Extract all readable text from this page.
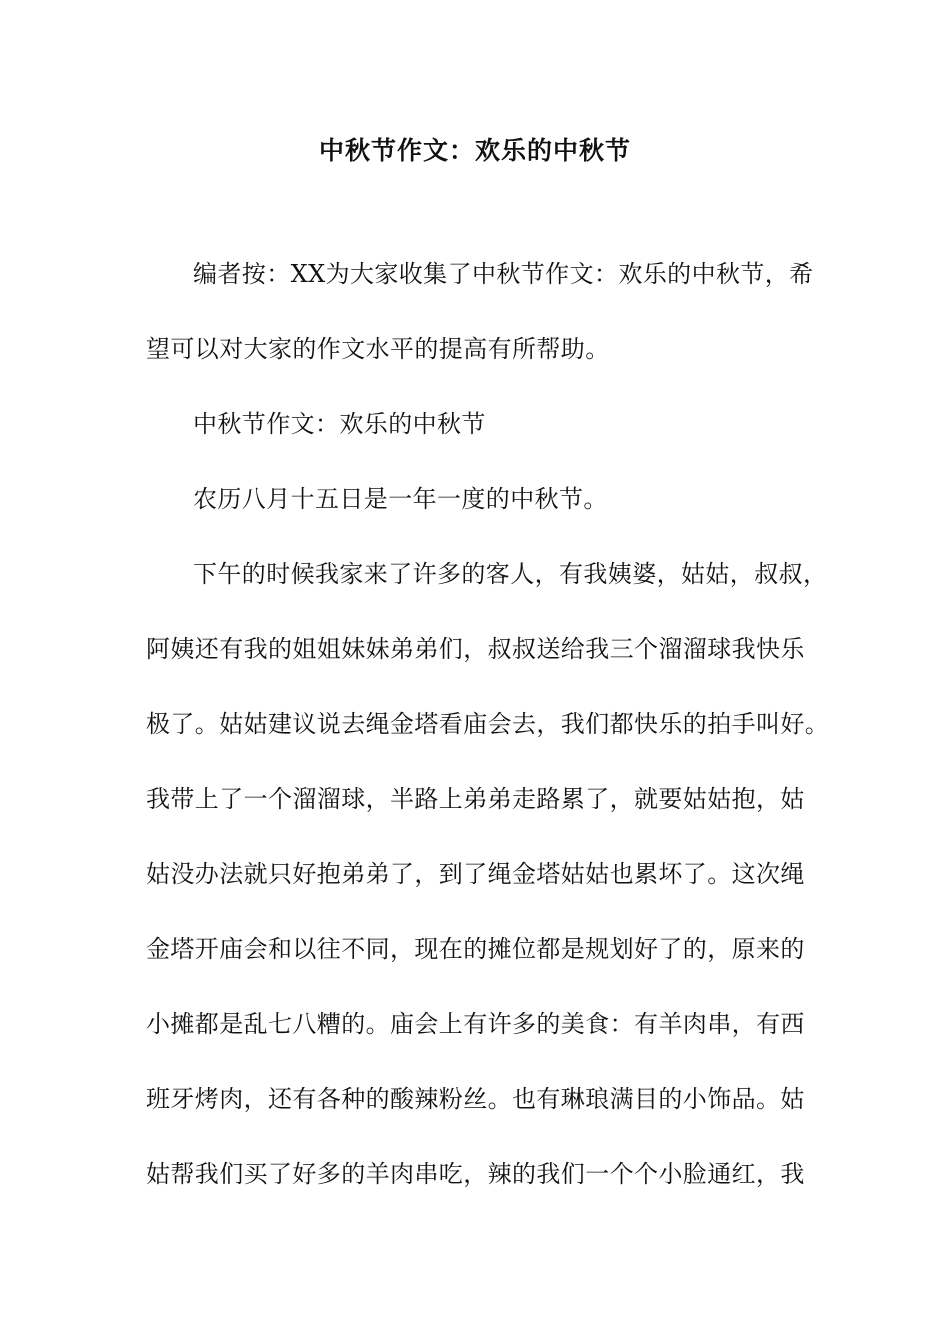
中秋节作文：欢乐的中秋节
编者按：XX为大家收集了中秋节作文：欢乐的中秋节，希
望可以对大家的作文水平的提高有所帮助。
中秋节作文：欢乐的中秋节
农历八月十五日是一年一度的中秋节。
下午的时候我家来了许多的客人，有我姨婆，姑姑，叔叔，
阿姨还有我的姐姐妹妹弟弟们，叔叔送给我三个溜溜球我快乐
极了。姑姑建议说去绳金塔看庙会去，我们都快乐的拍手叫好。
我带上了一个溜溜球，半路上弟弟走路累了，就要姑姑抱，姑
姑没办法就只好抱弟弟了，到了绳金塔姑姑也累坏了。这次绳
金塔开庙会和以往不同，现在的摊位都是规划好了的，原来的
小摊都是乱七八糟的。庙会上有许多的美食：有羊肉串，有西
班牙烤肉，还有各种的酸辣粉丝。也有琳琅满目的小饰品。姑
姑帮我们买了好多的羊肉串吃，辣的我们一个个小脸通红，我
